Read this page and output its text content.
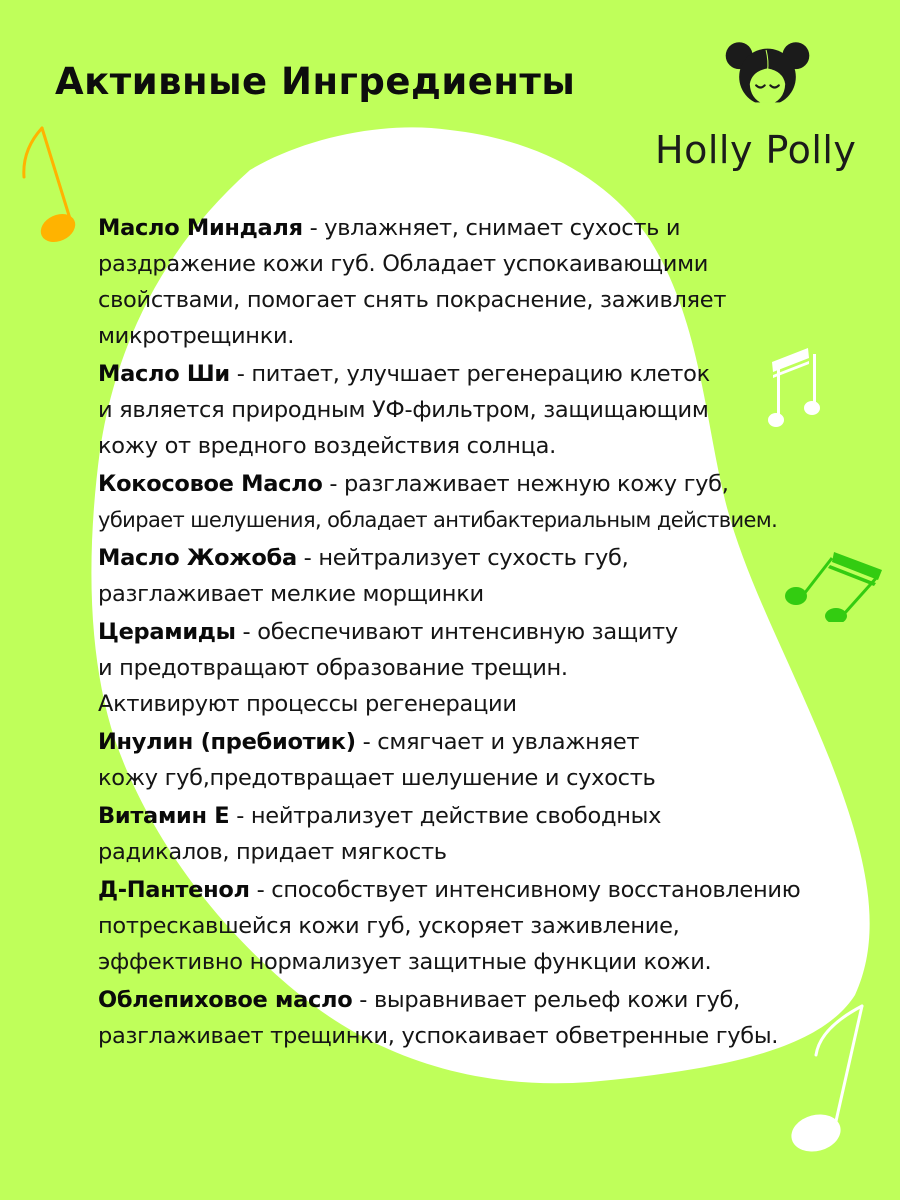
Активные Ингредиенты
Holly Polly
Масло Миндаля - увлажняет, снимает сухость и
раздражение кожи губ. Обладает успокаивающими
свойствами, помогает снять покраснение, заживляет
микротрещинки.
Масло Ши - питает, улучшает регенерацию клеток
и является природным УФ-фильтром, защищающим
кожу от вредного воздействия солнца.
Кокосовое Масло - разглаживает нежную кожу губ,
убирает шелушения, обладает антибактериальным действием.
Масло Жожоба - нейтрализует сухость губ,
разглаживает мелкие морщинки
Церамиды - обеспечивают интенсивную защиту
и предотвращают образование трещин.
Активируют процессы регенерации
Инулин (пребиотик) - смягчает и увлажняет
кожу губ,предотвращает шелушение и сухость
Витамин Е - нейтрализует действие свободных
радикалов, придает мягкость
Д-Пантенол - способствует интенсивному восстановлению
потрескавшейся кожи губ, ускоряет заживление,
эффективно нормализует защитные функции кожи.
Облепиховое масло - выравнивает рельеф кожи губ,
разглаживает трещинки, успокаивает обветренные губы.
